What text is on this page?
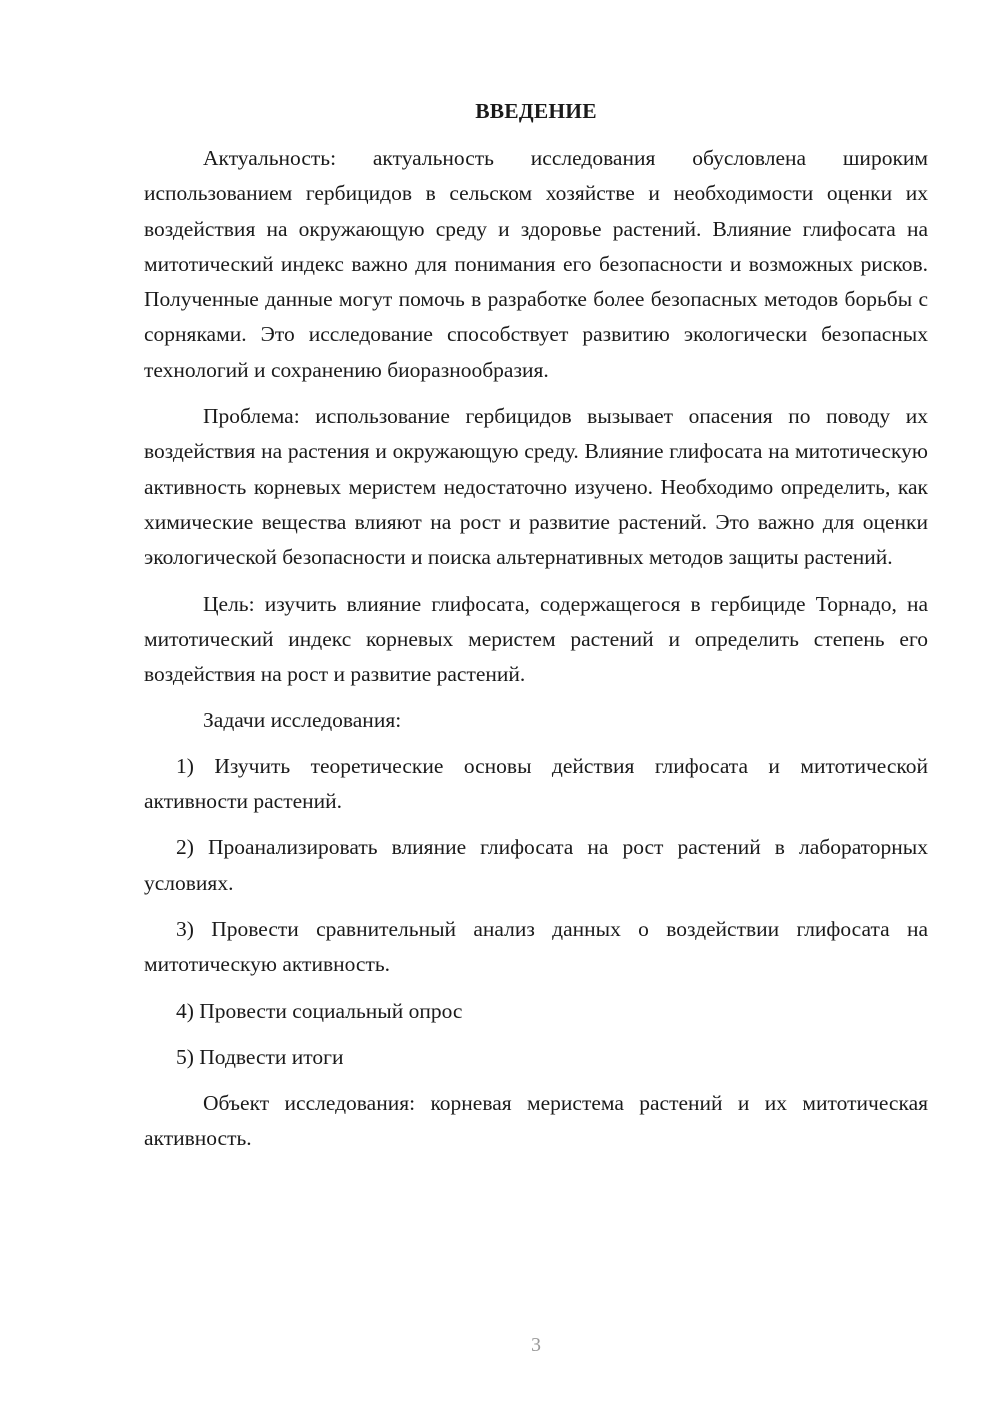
ВВЕДЕНИЕ

Актуальность: актуальность исследования обусловлена широким использованием гербицидов в сельском хозяйстве и необходимости оценки их воздействия на окружающую среду и здоровье растений. Влияние глифосата на митотический индекс важно для понимания его безопасности и возможных рисков. Полученные данные могут помочь в разработке более безопасных методов борьбы с сорняками. Это исследование способствует развитию экологически безопасных технологий и сохранению биоразнообразия.

Проблема: использование гербицидов вызывает опасения по поводу их воздействия на растения и окружающую среду. Влияние глифосата на митотическую активность корневых меристем недостаточно изучено. Необходимо определить, как химические вещества влияют на рост и развитие растений. Это важно для оценки экологической безопасности и поиска альтернативных методов защиты растений.

Цель: изучить влияние глифосата, содержащегося в гербициде Торнадо, на митотический индекс корневых меристем растений и определить степень его воздействия на рост и развитие растений.

Задачи исследования:

1) Изучить теоретические основы действия глифосата и митотической активности растений.

2) Проанализировать влияние глифосата на рост растений в лабораторных условиях.

3) Провести сравнительный анализ данных о воздействии глифосата на митотическую активность.

4) Провести социальный опрос

5) Подвести итоги

Объект исследования: корневая меристема растений и их митотическая активность.

3
